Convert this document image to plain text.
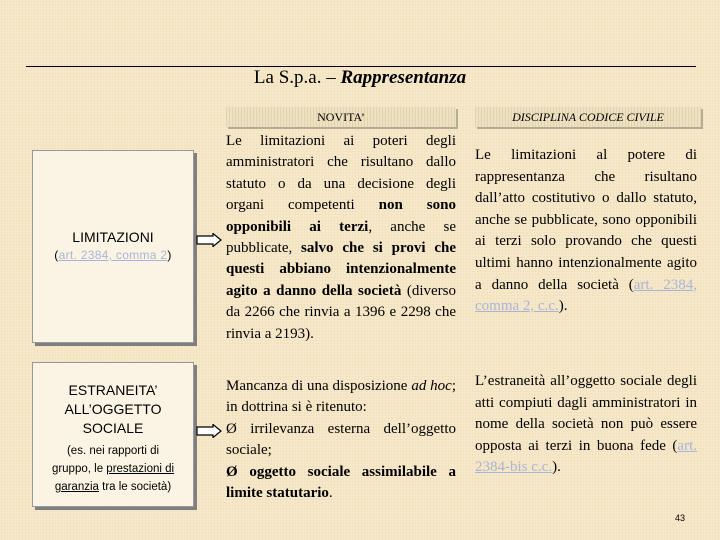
La S.p.a. – Rappresentanza
NOVITA’	DISCIPLINA CODICE CIVILE
LIMITAZIONI
(art. 2384, comma 2)
ESTRANEITA’
ALL’OGGETTO
SOCIALE
(es. nei rapporti di
gruppo, le prestazioni di
garanzia tra le società)
Le limitazioni ai poteri degli amministratori che risultano dallo statuto o da una decisione degli organi competenti non sono opponibili ai terzi, anche se pubblicate, salvo che si provi che questi abbiano intenzionalmente agito a danno della società (diverso da 2266 che rinvia a 1396 e 2298 che rinvia a 2193).
Mancanza di una disposizione ad hoc; in dottrina si è ritenuto:
Ø irrilevanza esterna dell’oggetto sociale;
Ø oggetto sociale assimilabile a limite statutario.
Le limitazioni al potere di rappresentanza che risultano dall’atto costitutivo o dallo statuto, anche se pubblicate, sono opponibili ai terzi solo provando che questi ultimi hanno intenzionalmente agito a danno della società (art. 2384, comma 2, c.c.).
L’estraneità all’oggetto sociale degli atti compiuti dagli amministratori in nome della società non può essere opposta ai terzi in buona fede (art. 2384-bis c.c.).
43
